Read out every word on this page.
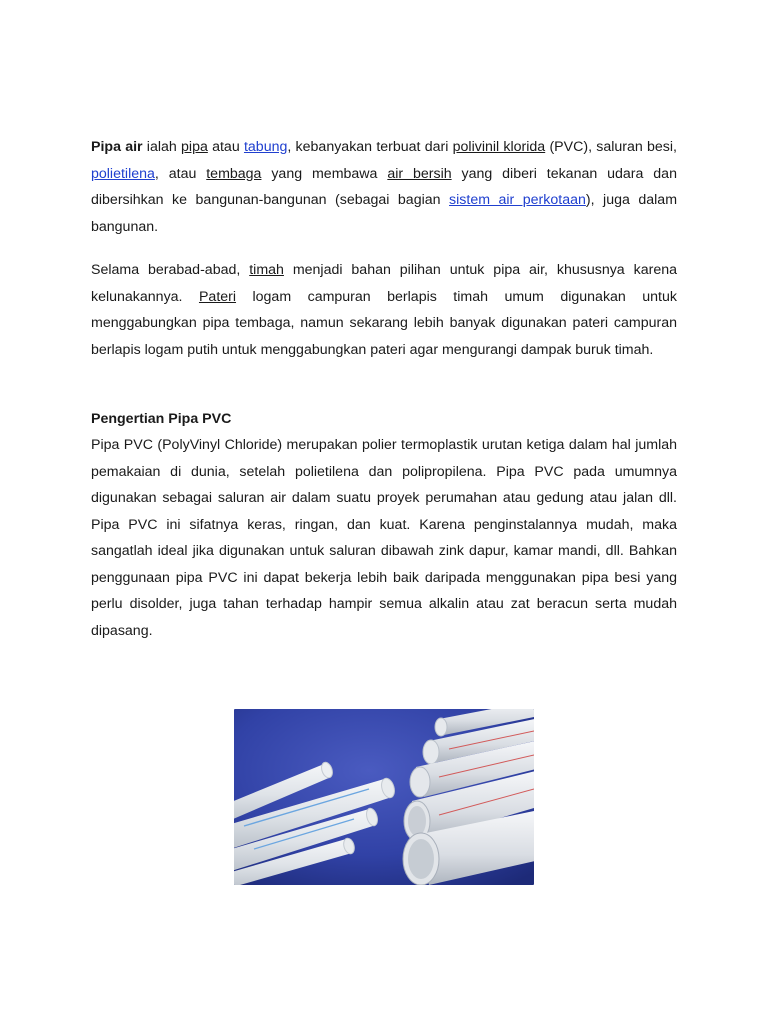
Pipa air ialah pipa atau tabung, kebanyakan terbuat dari polivinil klorida (PVC), saluran besi, polietilena, atau tembaga yang membawa air bersih yang diberi tekanan udara dan dibersihkan ke bangunan-bangunan (sebagai bagian sistem air perkotaan), juga dalam bangunan.

Selama berabad-abad, timah menjadi bahan pilihan untuk pipa air, khususnya karena kelunakannya. Pateri logam campuran berlapis timah umum digunakan untuk menggabungkan pipa tembaga, namun sekarang lebih banyak digunakan pateri campuran berlapis logam putih untuk menggabungkan pateri agar mengurangi dampak buruk timah.

Pengertian Pipa PVC

Pipa PVC (PolyVinyl Chloride) merupakan polier termoplastik urutan ketiga dalam hal jumlah pemakaian di dunia, setelah polietilena dan polipropilena. Pipa PVC pada umumnya digunakan sebagai saluran air dalam suatu proyek perumahan atau gedung atau jalan dll. Pipa PVC ini sifatnya keras, ringan, dan kuat. Karena penginstalannya mudah, maka sangatlah ideal jika digunakan untuk saluran dibawah zink dapur, kamar mandi, dll. Bahkan penggunaan pipa PVC ini dapat bekerja lebih baik daripada menggunakan pipa besi yang perlu disolder, juga tahan terhadap hampir semua alkalin atau zat beracun serta mudah dipasang.
